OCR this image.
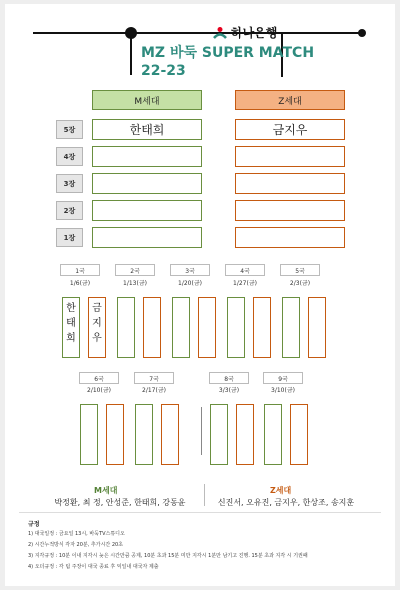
하나은행
MZ 바둑 SUPER MATCH
22-23
M세대	Z세대
5장	한태희	금지우
4장
3장
2장
1장
1국
1/6(금)
한태희
금지우
2국
1/13(금)
3국
1/20(금)
4국
1/27(금)
5국
2/3(금)
6국
2/10(금)
7국
2/17(금)
8국
3/3(금)
9국
3/10(금)
M세대	Z세대
박정환, 최 정, 안성준, 한태희, 강동윤	신진서, 오유진, 금지우, 한상조, 송지훈
규정
1) 대국일정 : 금요일 13시, 바둑TV스튜디오
2) 시간누적방식 각자 20분, 추가시간 20초
3) 지각규정 : 10분 이내 지각시 늦은 시간만큼 공제, 10분 초과 15분 미만 지각시 1분만 남기고 진행. 15분 초과 지각 시 기권패
4) 오더규정 : 각 팀 주장이 대국 종료 후 익일내 대국자 제출
